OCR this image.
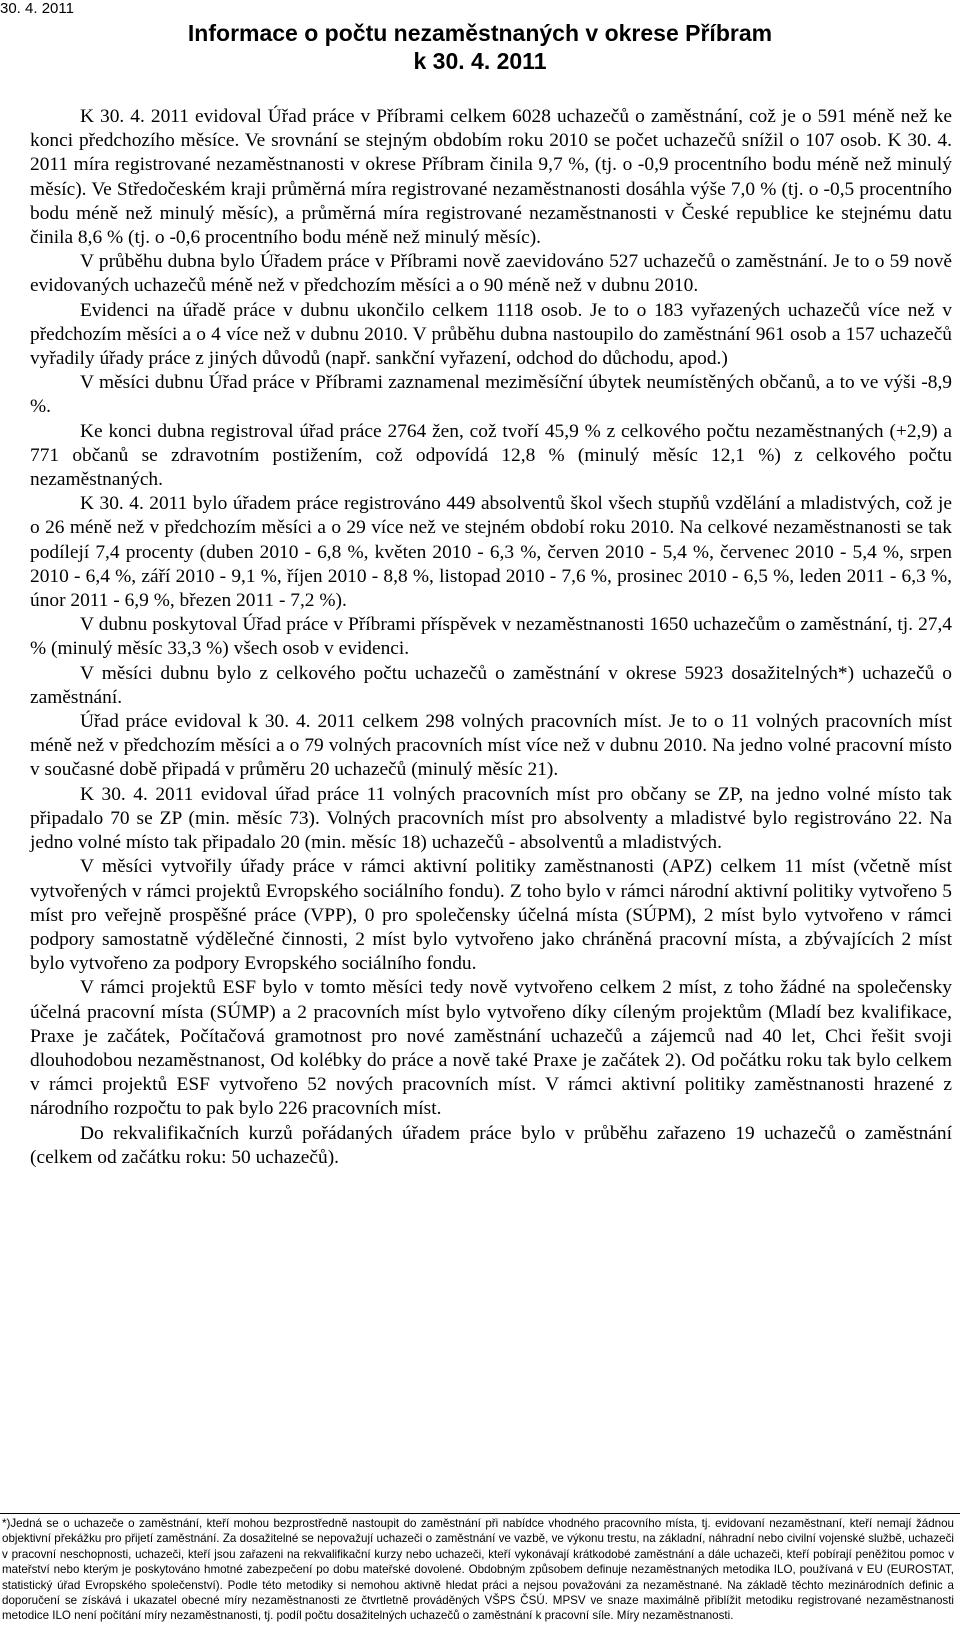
30. 4. 2011
Informace o počtu nezaměstnaných v okrese Příbram
k 30. 4. 2011

K 30. 4. 2011 evidoval Úřad práce v Příbrami celkem 6028 uchazečů o zaměstnání, což je o 591 méně než ke konci předchozího měsíce. Ve srovnání se stejným obdobím roku 2010 se počet uchazečů snížil o 107 osob. K 30. 4. 2011 míra registrované nezaměstnanosti v okrese Příbram činila 9,7 %, (tj. o -0,9 procentního bodu méně než minulý měsíc). Ve Středočeském kraji průměrná míra registrované nezaměstnanosti dosáhla výše 7,0 % (tj. o -0,5 procentního bodu méně než minulý měsíc), a průměrná míra registrované nezaměstnanosti v České republice ke stejnému datu činila 8,6 % (tj. o -0,6 procentního bodu méně než minulý měsíc).

V průběhu dubna bylo Úřadem práce v Příbrami nově zaevidováno 527 uchazečů o zaměstnání. Je to o 59 nově evidovaných uchazečů méně než v předchozím měsíci a o 90 méně než v dubnu 2010.

Evidenci na úřadě práce v dubnu ukončilo celkem 1118 osob. Je to o 183 vyřazených uchazečů více než v předchozím měsíci a o 4 více než v dubnu 2010. V průběhu dubna nastoupilo do zaměstnání 961 osob a 157 uchazečů vyřadily úřady práce z jiných důvodů (např. sankční vyřazení, odchod do důchodu, apod.)

V měsíci dubnu Úřad práce v Příbrami zaznamenal meziměsíční úbytek neumístěných občanů, a to ve výši -8,9 %.

Ke konci dubna registroval úřad práce 2764 žen, což tvoří 45,9 % z celkového počtu nezaměstnaných (+2,9) a 771 občanů se zdravotním postižením, což odpovídá 12,8 % (minulý měsíc 12,1 %) z celkového počtu nezaměstnaných.

K 30. 4. 2011 bylo úřadem práce registrováno 449 absolventů škol všech stupňů vzdělání a mladistvých, což je o 26 méně než v předchozím měsíci a o 29 více než ve stejném období roku 2010. Na celkové nezaměstnanosti se tak podílejí 7,4 procenty (duben 2010 - 6,8 %, květen 2010 - 6,3 %, červen 2010 - 5,4 %, červenec 2010 - 5,4 %, srpen 2010 - 6,4 %, září 2010 - 9,1 %, říjen 2010 - 8,8 %, listopad 2010 - 7,6 %, prosinec 2010 - 6,5 %, leden 2011 - 6,3 %, únor 2011 - 6,9 %, březen 2011 - 7,2 %).

V dubnu poskytoval Úřad práce v Příbrami příspěvek v nezaměstnanosti 1650 uchazečům o zaměstnání, tj. 27,4 % (minulý měsíc 33,3 %) všech osob v evidenci.

V měsíci dubnu bylo z celkového počtu uchazečů o zaměstnání v okrese 5923 dosažitelných*) uchazečů o zaměstnání.

Úřad práce evidoval k 30. 4. 2011 celkem 298 volných pracovních míst. Je to o 11 volných pracovních míst méně než v předchozím měsíci a o 79 volných pracovních míst více než v dubnu 2010. Na jedno volné pracovní místo v současné době připadá v průměru 20 uchazečů (minulý měsíc 21).

K 30. 4. 2011 evidoval úřad práce 11 volných pracovních míst pro občany se ZP, na jedno volné místo tak připadalo 70 se ZP (min. měsíc 73). Volných pracovních míst pro absolventy a mladistvé bylo registrováno 22. Na jedno volné místo tak připadalo 20 (min. měsíc 18) uchazečů - absolventů a mladistvých.

V měsíci vytvořily úřady práce v rámci aktivní politiky zaměstnanosti (APZ) celkem 11 míst (včetně míst vytvořených v rámci projektů Evropského sociálního fondu). Z toho bylo v rámci národní aktivní politiky vytvořeno 5 míst pro veřejně prospěšné práce (VPP), 0 pro společensky účelná místa (SÚPM), 2 míst bylo vytvořeno v rámci podpory samostatně výdělečné činnosti, 2 míst bylo vytvořeno jako chráněná pracovní místa, a zbývajících 2 míst bylo vytvořeno za podpory Evropského sociálního fondu.

V rámci projektů ESF bylo v tomto měsíci tedy nově vytvořeno celkem 2 míst, z toho žádné na společensky účelná pracovní místa (SÚMP) a 2 pracovních míst bylo vytvořeno díky cíleným projektům (Mladí bez kvalifikace, Praxe je začátek, Počítačová gramotnost pro nové zaměstnání uchazečů a zájemců nad 40 let, Chci řešit svoji dlouhodobou nezaměstnanost, Od kolébky do práce a nově také Praxe je začátek 2). Od počátku roku tak bylo celkem v rámci projektů ESF vytvořeno 52 nových pracovních míst. V rámci aktivní politiky zaměstnanosti hrazené z národního rozpočtu to pak bylo 226 pracovních míst.

Do rekvalifikačních kurzů pořádaných úřadem práce bylo v průběhu zařazeno 19 uchazečů o zaměstnání (celkem od začátku roku: 50 uchazečů).

*)Jedná se o uchazeče o zaměstnání, kteří mohou bezprostředně nastoupit do zaměstnání při nabídce vhodného pracovního místa, tj. evidovaní nezaměstnaní, kteří nemají žádnou objektivní překážku pro přijetí zaměstnání. Za dosažitelné se nepovažují uchazeči o zaměstnání ve vazbě, ve výkonu trestu, na základní, náhradní nebo civilní vojenské službě, uchazeči v pracovní neschopnosti, uchazeči, kteří jsou zařazeni na rekvalifikační kurzy nebo uchazeči, kteří vykonávají krátkodobé zaměstnání a dále uchazeči, kteří pobírají peněžitou pomoc v mateřství nebo kterým je poskytováno hmotné zabezpečení po dobu mateřské dovolené. Obdobným způsobem definuje nezaměstnaných metodika ILO, používaná v EU (EUROSTAT, statistický úřad Evropského společenství). Podle této metodiky si nemohou aktivně hledat práci a nejsou považováni za nezaměstnané. Na základě těchto mezinárodních definic a doporučení se získává i ukazatel obecné míry nezaměstnanosti ze čtvrtletně prováděných VŠPS ČSÚ. MPSV ve snaze maximálně přiblížit metodiku registrované nezaměstnanosti metodice ILO není počítání míry nezaměstnanosti, tj. podíl počtu dosažitelných uchazečů o zaměstnání k pracovní síle. Míry nezaměstnanosti.
